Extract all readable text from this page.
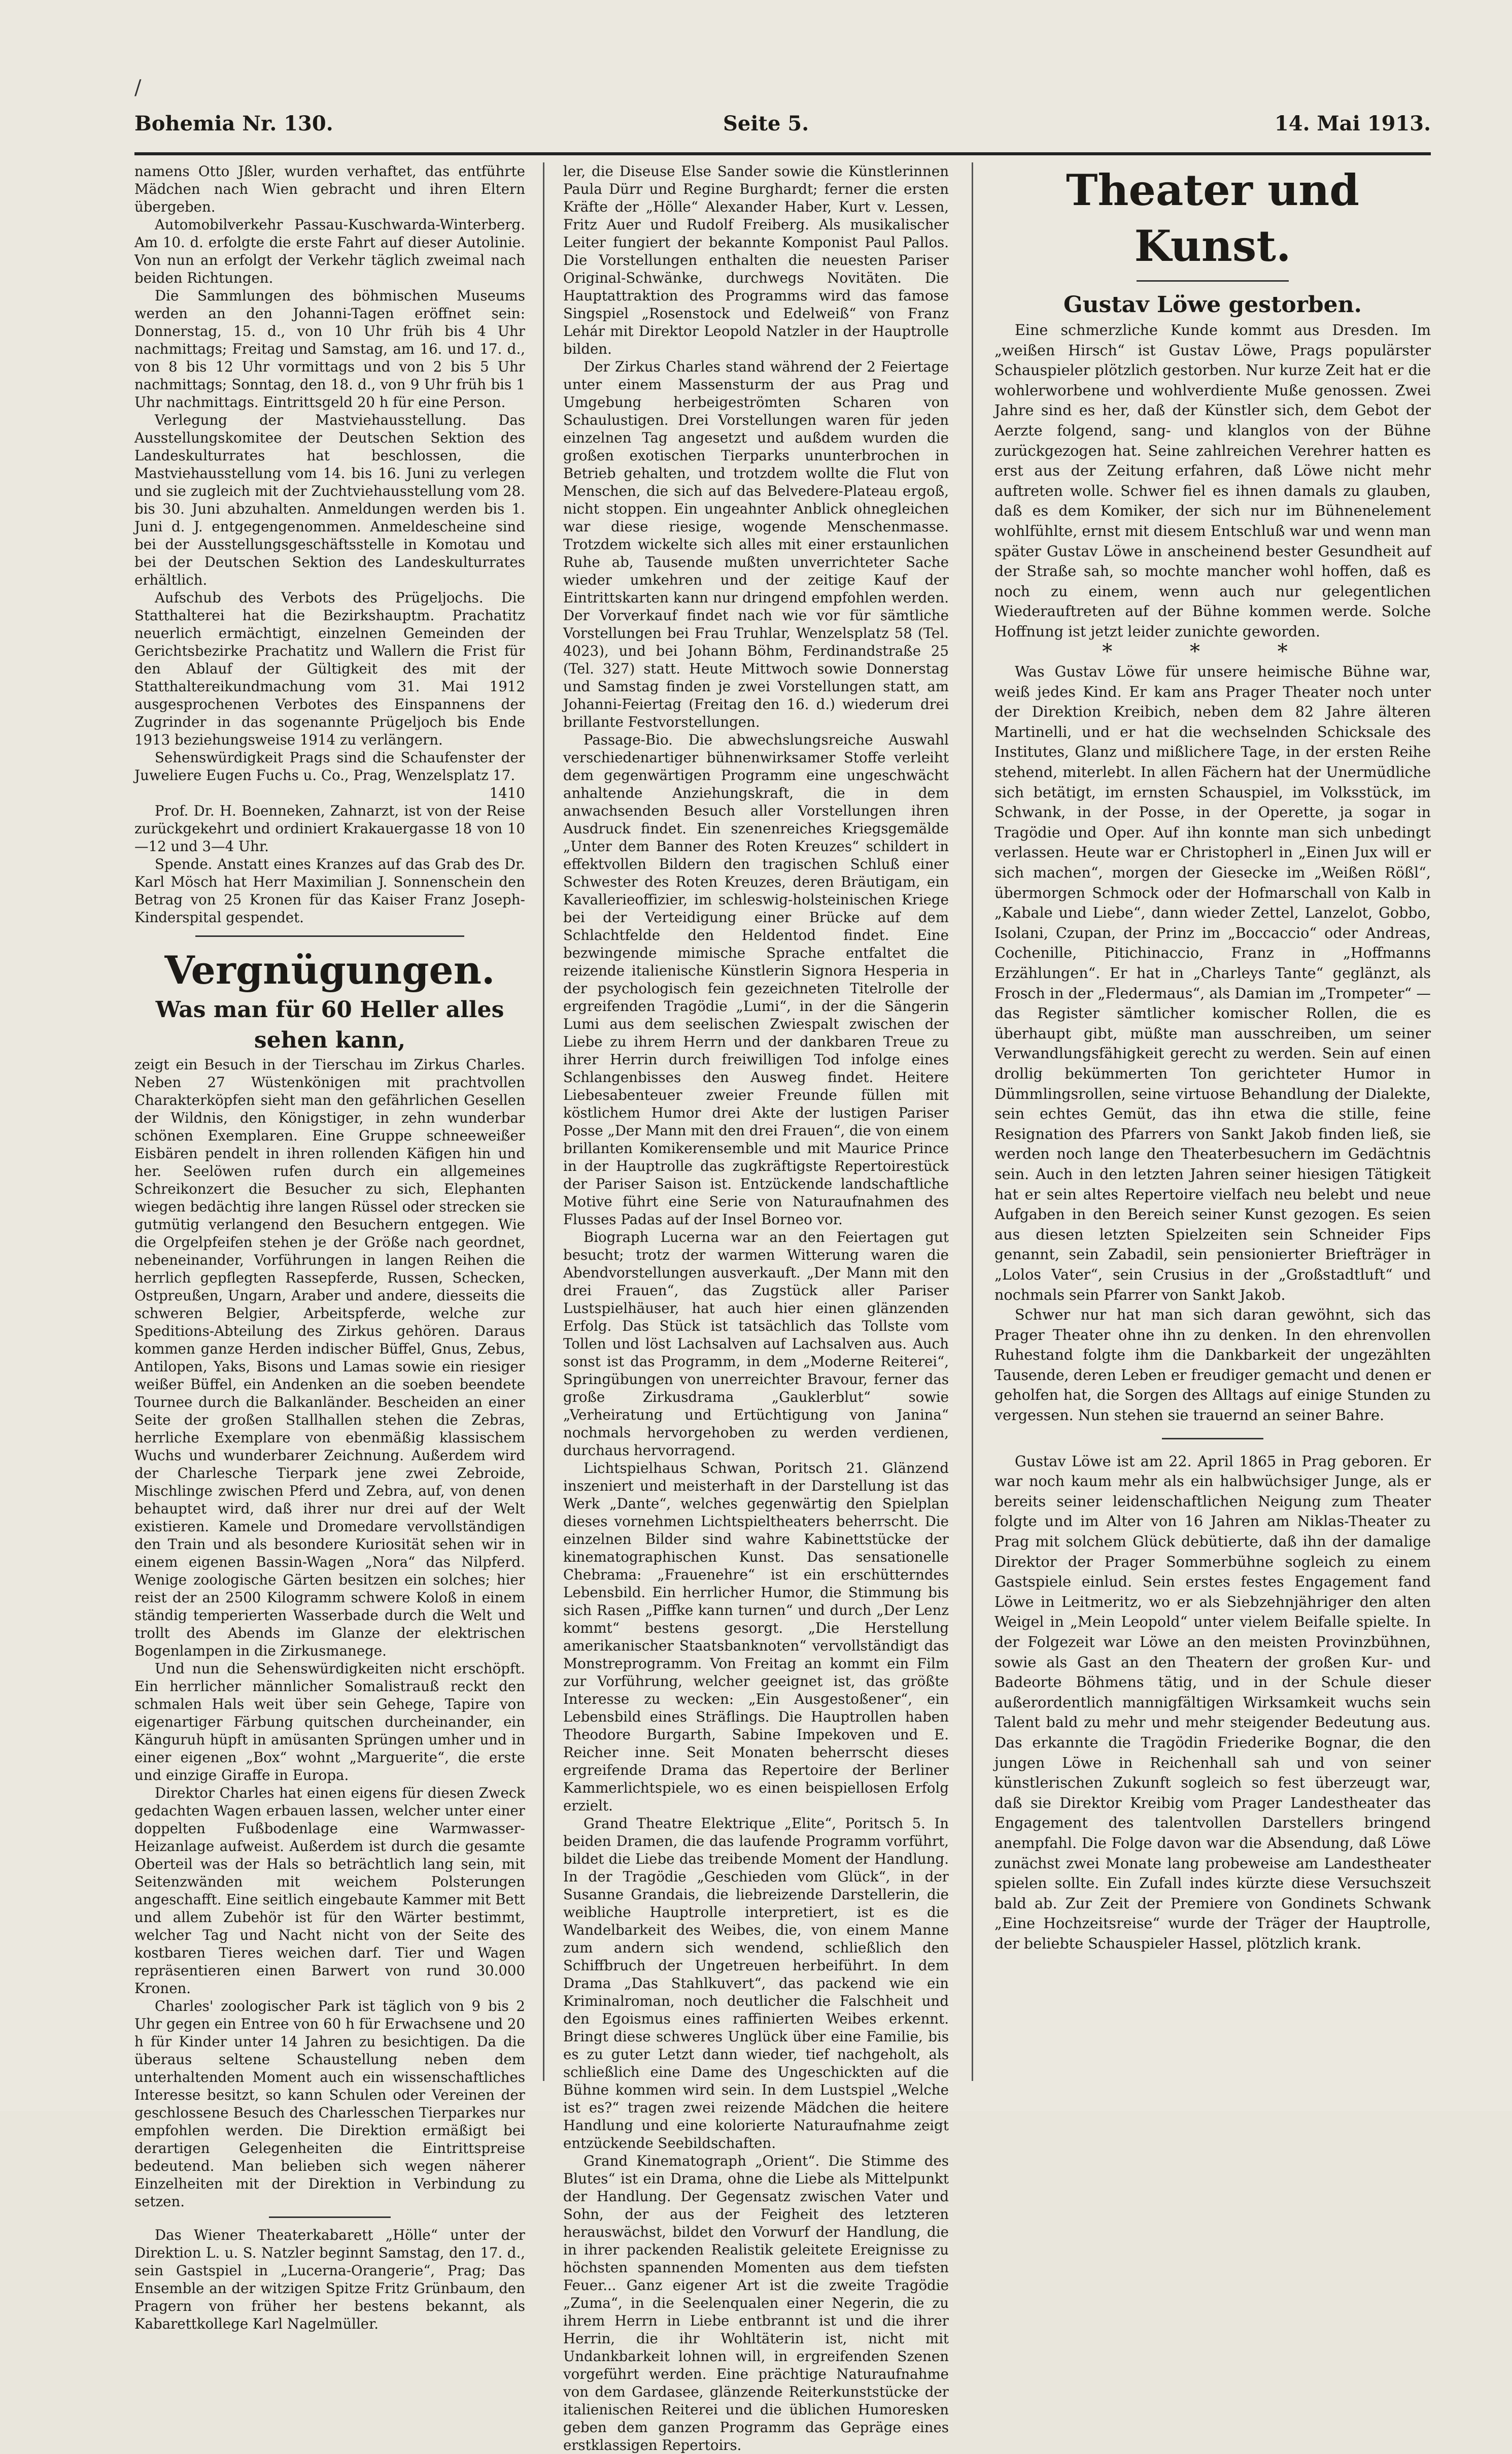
/
Bohemia Nr. 130.	Seite 5.	14. Mai 1913.

namens Otto Jßler, wurden verhaftet, das entführte Mädchen nach Wien gebracht und ihren Eltern übergeben.

Automobilverkehr Passau-Kuschwarda-Winterberg. Am 10. d. erfolgte die erste Fahrt auf dieser Autolinie. Von nun an erfolgt der Verkehr täglich zweimal nach beiden Richtungen.

Die Sammlungen des böhmischen Museums werden an den Johanni-Tagen eröffnet sein: Donnerstag, 15. d., von 10 Uhr früh bis 4 Uhr nachmittags; Freitag und Samstag, am 16. und 17. d., von 8 bis 12 Uhr vormittags und von 2 bis 5 Uhr nachmittags; Sonntag, den 18. d., von 9 Uhr früh bis 1 Uhr nachmittags. Eintrittsgeld 20 h für eine Person.

Verlegung der Mastviehausstellung. Das Ausstellungskomitee der Deutschen Sektion des Landeskulturrates hat beschlossen, die Mastviehausstellung vom 14. bis 16. Juni zu verlegen und sie zugleich mit der Zuchtviehausstellung vom 28. bis 30. Juni abzuhalten. Anmeldungen werden bis 1. Juni d. J. entgegengenommen. Anmeldescheine sind bei der Ausstellungsgeschäftsstelle in Komotau und bei der Deutschen Sektion des Landeskulturrates erhältlich.

Aufschub des Verbots des Prügeljochs. Die Statthalterei hat die Bezirkshauptm. Prachatitz neuerlich ermächtigt, einzelnen Gemeinden der Gerichtsbezirke Prachatitz und Wallern die Frist für den Ablauf der Gültigkeit des mit der Statthaltereikundmachung vom 31. Mai 1912 ausgesprochenen Verbotes des Einspannens der Zugrinder in das sogenannte Prügeljoch bis Ende 1913 beziehungsweise 1914 zu verlängern.

Sehenswürdigkeit Prags sind die Schaufenster der Juweliere Eugen Fuchs u. Co., Prag, Wenzelsplatz 17.

1410

Prof. Dr. H. Boenneken, Zahnarzt, ist von der Reise zurückgekehrt und ordiniert Krakauergasse 18 von 10—12 und 3—4 Uhr.

Spende. Anstatt eines Kranzes auf das Grab des Dr. Karl Mösch hat Herr Maximilian J. Sonnenschein den Betrag von 25 Kronen für das Kaiser Franz Joseph-Kinderspital gespendet.

Vergnügungen.

Was man für 60 Heller alles sehen kann,

zeigt ein Besuch in der Tierschau im Zirkus Charles. Neben 27 Wüstenkönigen mit prachtvollen Charakterköpfen sieht man den gefährlichen Gesellen der Wildnis, den Königstiger, in zehn wunderbar schönen Exemplaren. Eine Gruppe schneeweißer Eisbären pendelt in ihren rollenden Käfigen hin und her. Seelöwen rufen durch ein allgemeines Schreikonzert die Besucher zu sich, Elephanten wiegen bedächtig ihre langen Rüssel oder strecken sie gutmütig verlangend den Besuchern entgegen. Wie die Orgelpfeifen stehen je der Größe nach geordnet, nebeneinander, Vorführungen in langen Reihen die herrlich gepflegten Rassepferde, Russen, Schecken, Ostpreußen, Ungarn, Araber und andere, diesseits die schweren Belgier, Arbeitspferde, welche zur Speditions-Abteilung des Zirkus gehören. Daraus kommen ganze Herden indischer Büffel, Gnus, Zebus, Antilopen, Yaks, Bisons und Lamas sowie ein riesiger weißer Büffel, ein Andenken an die soeben beendete Tournee durch die Balkanländer. Bescheiden an einer Seite der großen Stallhallen stehen die Zebras, herrliche Exemplare von ebenmäßig klassischem Wuchs und wunderbarer Zeichnung. Außerdem wird der Charlesche Tierpark jene zwei Zebroide, Mischlinge zwischen Pferd und Zebra, auf, von denen behauptet wird, daß ihrer nur drei auf der Welt existieren. Kamele und Dromedare vervollständigen den Train und als besondere Kuriosität sehen wir in einem eigenen Bassin-Wagen „Nora“ das Nilpferd. Wenige zoologische Gärten besitzen ein solches; hier reist der an 2500 Kilogramm schwere Koloß in einem ständig temperierten Wasserbade durch die Welt und trollt des Abends im Glanze der elektrischen Bogenlampen in die Zirkusmanege.

Und nun die Sehenswürdigkeiten nicht erschöpft. Ein herrlicher männlicher Somalistrauß reckt den schmalen Hals weit über sein Gehege, Tapire von eigenartiger Färbung quitschen durcheinander, ein Känguruh hüpft in amüsanten Sprüngen umher und in einer eigenen „Box“ wohnt „Marguerite“, die erste und einzige Giraffe in Europa.

Direktor Charles hat einen eigens für diesen Zweck gedachten Wagen erbauen lassen, welcher unter einer doppelten Fußbodenlage eine Warmwasser-Heizanlage aufweist. Außerdem ist durch die gesamte Oberteil was der Hals so beträchtlich lang sein, mit Seitenzwänden mit weichem Polsterungen angeschafft. Eine seitlich eingebaute Kammer mit Bett und allem Zubehör ist für den Wärter bestimmt, welcher Tag und Nacht nicht von der Seite des kostbaren Tieres weichen darf. Tier und Wagen repräsentieren einen Barwert von rund 30.000 Kronen.

Charles' zoologischer Park ist täglich von 9 bis 2 Uhr gegen ein Entree von 60 h für Erwachsene und 20 h für Kinder unter 14 Jahren zu besichtigen. Da die überaus seltene Schaustellung neben dem unterhaltenden Moment auch ein wissenschaftliches Interesse besitzt, so kann Schulen oder Vereinen der geschlossene Besuch des Charlesschen Tierparkes nur empfohlen werden. Die Direktion ermäßigt bei derartigen Gelegenheiten die Eintrittspreise bedeutend. Man belieben sich wegen näherer Einzelheiten mit der Direktion in Verbindung zu setzen.

Das Wiener Theaterkabarett „Hölle“ unter der Direktion L. u. S. Natzler beginnt Samstag, den 17. d., sein Gastspiel in „Lucerna-Orangerie“, Prag; Das Ensemble an der witzigen Spitze Fritz Grünbaum, den Pragern von früher her bestens bekannt, als Kabarettkollege Karl Nagelmüller.

ler, die Diseuse Else Sander sowie die Künstlerinnen Paula Dürr und Regine Burghardt; ferner die ersten Kräfte der „Hölle“ Alexander Haber, Kurt v. Lessen, Fritz Auer und Rudolf Freiberg. Als musikalischer Leiter fungiert der bekannte Komponist Paul Pallos. Die Vorstellungen enthalten die neuesten Pariser Original-Schwänke, durchwegs Novitäten. Die Hauptattraktion des Programms wird das famose Singspiel „Rosenstock und Edelweiß“ von Franz Lehár mit Direktor Leopold Natzler in der Hauptrolle bilden.

Der Zirkus Charles stand während der 2 Feiertage unter einem Massensturm der aus Prag und Umgebung herbeigeströmten Scharen von Schaulustigen. Drei Vorstellungen waren für jeden einzelnen Tag angesetzt und außdem wurden die großen exotischen Tierparks ununterbrochen in Betrieb gehalten, und trotzdem wollte die Flut von Menschen, die sich auf das Belvedere-Plateau ergoß, nicht stoppen. Ein ungeahnter Anblick ohnegleichen war diese riesige, wogende Menschenmasse. Trotzdem wickelte sich alles mit einer erstaunlichen Ruhe ab, Tausende mußten unverrichteter Sache wieder umkehren und der zeitige Kauf der Eintrittskarten kann nur dringend empfohlen werden. Der Vorverkauf findet nach wie vor für sämtliche Vorstellungen bei Frau Truhlar, Wenzelsplatz 58 (Tel. 4023), und bei Johann Böhm, Ferdinandstraße 25 (Tel. 327) statt. Heute Mittwoch sowie Donnerstag und Samstag finden je zwei Vorstellungen statt, am Johanni-Feiertag (Freitag den 16. d.) wiederum drei brillante Festvorstellungen.

Passage-Bio. Die abwechslungsreiche Auswahl verschiedenartiger bühnenwirksamer Stoffe verleiht dem gegenwärtigen Programm eine ungeschwächt anhaltende Anziehungskraft, die in dem anwachsenden Besuch aller Vorstellungen ihren Ausdruck findet. Ein szenenreiches Kriegsgemälde „Unter dem Banner des Roten Kreuzes“ schildert in effektvollen Bildern den tragischen Schluß einer Schwester des Roten Kreuzes, deren Bräutigam, ein Kavallerieoffizier, im schleswig-holsteinischen Kriege bei der Verteidigung einer Brücke auf dem Schlachtfelde den Heldentod findet. Eine bezwingende mimische Sprache entfaltet die reizende italienische Künstlerin Signora Hesperia in der psychologisch fein gezeichneten Titelrolle der ergreifenden Tragödie „Lumi“, in der die Sängerin Lumi aus dem seelischen Zwiespalt zwischen der Liebe zu ihrem Herrn und der dankbaren Treue zu ihrer Herrin durch freiwilligen Tod infolge eines Schlangenbisses den Ausweg findet. Heitere Liebesabenteuer zweier Freunde füllen mit köstlichem Humor drei Akte der lustigen Pariser Posse „Der Mann mit den drei Frauen“, die von einem brillanten Komikerensemble und mit Maurice Prince in der Hauptrolle das zugkräftigste Repertoirestück der Pariser Saison ist. Entzückende landschaftliche Motive führt eine Serie von Naturaufnahmen des Flusses Padas auf der Insel Borneo vor.

Biograph Lucerna war an den Feiertagen gut besucht; trotz der warmen Witterung waren die Abendvorstellungen ausverkauft. „Der Mann mit den drei Frauen“, das Zugstück aller Pariser Lustspielhäuser, hat auch hier einen glänzenden Erfolg. Das Stück ist tatsächlich das Tollste vom Tollen und löst Lachsalven auf Lachsalven aus. Auch sonst ist das Programm, in dem „Moderne Reiterei“, Springübungen von unerreichter Bravour, ferner das große Zirkusdrama „Gauklerblut“ sowie „Verheiratung und Ertüchtigung von Janina“ nochmals hervorgehoben zu werden verdienen, durchaus hervorragend.

Lichtspielhaus Schwan, Poritsch 21. Glänzend inszeniert und meisterhaft in der Darstellung ist das Werk „Dante“, welches gegenwärtig den Spielplan dieses vornehmen Lichtspieltheaters beherrscht. Die einzelnen Bilder sind wahre Kabinettstücke der kinematographischen Kunst. Das sensationelle Chebrama: „Frauenehre“ ist ein erschütterndes Lebensbild. Ein herrlicher Humor, die Stimmung bis sich Rasen „Piffke kann turnen“ und durch „Der Lenz kommt“ bestens gesorgt. „Die Herstellung amerikanischer Staatsbanknoten“ vervollständigt das Monstreprogramm. Von Freitag an kommt ein Film zur Vorführung, welcher geeignet ist, das größte Interesse zu wecken: „Ein Ausgestoßener“, ein Lebensbild eines Sträflings. Die Hauptrollen haben Theodore Burgarth, Sabine Impekoven und E. Reicher inne. Seit Monaten beherrscht dieses ergreifende Drama das Repertoire der Berliner Kammerlichtspiele, wo es einen beispiellosen Erfolg erzielt.

Grand Theatre Elektrique „Elite“, Poritsch 5. In beiden Dramen, die das laufende Programm vorführt, bildet die Liebe das treibende Moment der Handlung. In der Tragödie „Geschieden vom Glück“, in der Susanne Grandais, die liebreizende Darstellerin, die weibliche Hauptrolle interpretiert, ist es die Wandelbarkeit des Weibes, die, von einem Manne zum andern sich wendend, schließlich den Schiffbruch der Ungetreuen herbeiführt. In dem Drama „Das Stahlkuvert“, das packend wie ein Kriminalroman, noch deutlicher die Falschheit und den Egoismus eines raffinierten Weibes erkennt. Bringt diese schweres Unglück über eine Familie, bis es zu guter Letzt dann wieder, tief nachgeholt, als schließlich eine Dame des Ungeschickten auf die Bühne kommen wird sein. In dem Lustspiel „Welche ist es?“ tragen zwei reizende Mädchen die heitere Handlung und eine kolorierte Naturaufnahme zeigt entzückende Seebildschaften.

Grand Kinematograph „Orient“. Die Stimme des Blutes“ ist ein Drama, ohne die Liebe als Mittelpunkt der Handlung. Der Gegensatz zwischen Vater und Sohn, der aus der Feigheit des letzteren herauswächst, bildet den Vorwurf der Handlung, die in ihrer packenden Realistik geleitete Ereignisse zu höchsten spannenden Momenten aus dem tiefsten Feuer... Ganz eigener Art ist die zweite Tragödie „Zuma“, in die Seelenqualen einer Negerin, die zu ihrem Herrn in Liebe entbrannt ist und die ihrer Herrin, die ihr Wohltäterin ist, nicht mit Undankbarkeit lohnen will, in ergreifenden Szenen vorgeführt werden. Eine prächtige Naturaufnahme von dem Gardasee, glänzende Reiterkunststücke der italienischen Reiterei und die üblichen Humoresken geben dem ganzen Programm das Gepräge eines erstklassigen Repertoirs.

Theater und Kunst.

Gustav Löwe gestorben.

Eine schmerzliche Kunde kommt aus Dresden. Im „weißen Hirsch“ ist Gustav Löwe, Prags populärster Schauspieler plötzlich gestorben. Nur kurze Zeit hat er die wohlerworbene und wohlverdiente Muße genossen. Zwei Jahre sind es her, daß der Künstler sich, dem Gebot der Aerzte folgend, sang- und klanglos von der Bühne zurückgezogen hat. Seine zahlreichen Verehrer hatten es erst aus der Zeitung erfahren, daß Löwe nicht mehr auftreten wolle. Schwer fiel es ihnen damals zu glauben, daß es dem Komiker, der sich nur im Bühnenelement wohlfühlte, ernst mit diesem Entschluß war und wenn man später Gustav Löwe in anscheinend bester Gesundheit auf der Straße sah, so mochte mancher wohl hoffen, daß es noch zu einem, wenn auch nur gelegentlichen Wiederauftreten auf der Bühne kommen werde. Solche Hoffnung ist jetzt leider zunichte geworden.

* * *

Was Gustav Löwe für unsere heimische Bühne war, weiß jedes Kind. Er kam ans Prager Theater noch unter der Direktion Kreibich, neben dem 82 Jahre älteren Martinelli, und er hat die wechselnden Schicksale des Institutes, Glanz und mißlichere Tage, in der ersten Reihe stehend, miterlebt. In allen Fächern hat der Unermüdliche sich betätigt, im ernsten Schauspiel, im Volksstück, im Schwank, in der Posse, in der Operette, ja sogar in Tragödie und Oper. Auf ihn konnte man sich unbedingt verlassen. Heute war er Christopherl in „Einen Jux will er sich machen“, morgen der Giesecke im „Weißen Rößl“, übermorgen Schmock oder der Hofmarschall von Kalb in „Kabale und Liebe“, dann wieder Zettel, Lanzelot, Gobbo, Isolani, Czupan, der Prinz im „Boccaccio“ oder Andreas, Cochenille, Pitichinaccio, Franz in „Hoffmanns Erzählungen“. Er hat in „Charleys Tante“ geglänzt, als Frosch in der „Fledermaus“, als Damian im „Trompeter“ — das Register sämtlicher komischer Rollen, die es überhaupt gibt, müßte man ausschreiben, um seiner Verwandlungsfähigkeit gerecht zu werden. Sein auf einen drollig bekümmerten Ton gerichteter Humor in Dümmlingsrollen, seine virtuose Behandlung der Dialekte, sein echtes Gemüt, das ihn etwa die stille, feine Resignation des Pfarrers von Sankt Jakob finden ließ, sie werden noch lange den Theaterbesuchern im Gedächtnis sein. Auch in den letzten Jahren seiner hiesigen Tätigkeit hat er sein altes Repertoire vielfach neu belebt und neue Aufgaben in den Bereich seiner Kunst gezogen. Es seien aus diesen letzten Spielzeiten sein Schneider Fips genannt, sein Zabadil, sein pensionierter Briefträger in „Lolos Vater“, sein Crusius in der „Großstadtluft“ und nochmals sein Pfarrer von Sankt Jakob.

Schwer nur hat man sich daran gewöhnt, sich das Prager Theater ohne ihn zu denken. In den ehrenvollen Ruhestand folgte ihm die Dankbarkeit der ungezählten Tausende, deren Leben er freudiger gemacht und denen er geholfen hat, die Sorgen des Alltags auf einige Stunden zu vergessen. Nun stehen sie trauernd an seiner Bahre.

Gustav Löwe ist am 22. April 1865 in Prag geboren. Er war noch kaum mehr als ein halbwüchsiger Junge, als er bereits seiner leidenschaftlichen Neigung zum Theater folgte und im Alter von 16 Jahren am Niklas-Theater zu Prag mit solchem Glück debütierte, daß ihn der damalige Direktor der Prager Sommerbühne sogleich zu einem Gastspiele einlud. Sein erstes festes Engagement fand Löwe in Leitmeritz, wo er als Siebzehnjähriger den alten Weigel in „Mein Leopold“ unter vielem Beifalle spielte. In der Folgezeit war Löwe an den meisten Provinzbühnen, sowie als Gast an den Theatern der großen Kur- und Badeorte Böhmens tätig, und in der Schule dieser außerordentlich mannigfältigen Wirksamkeit wuchs sein Talent bald zu mehr und mehr steigender Bedeutung aus. Das erkannte die Tragödin Friederike Bognar, die den jungen Löwe in Reichenhall sah und von seiner künstlerischen Zukunft sogleich so fest überzeugt war, daß sie Direktor Kreibig vom Prager Landestheater das Engagement des talentvollen Darstellers bringend anempfahl. Die Folge davon war die Absendung, daß Löwe zunächst zwei Monate lang probeweise am Landestheater spielen sollte. Ein Zufall indes kürzte diese Versuchszeit bald ab. Zur Zeit der Premiere von Gondinets Schwank „Eine Hochzeitsreise“ wurde der Träger der Hauptrolle, der beliebte Schauspieler Hassel, plötzlich krank.
